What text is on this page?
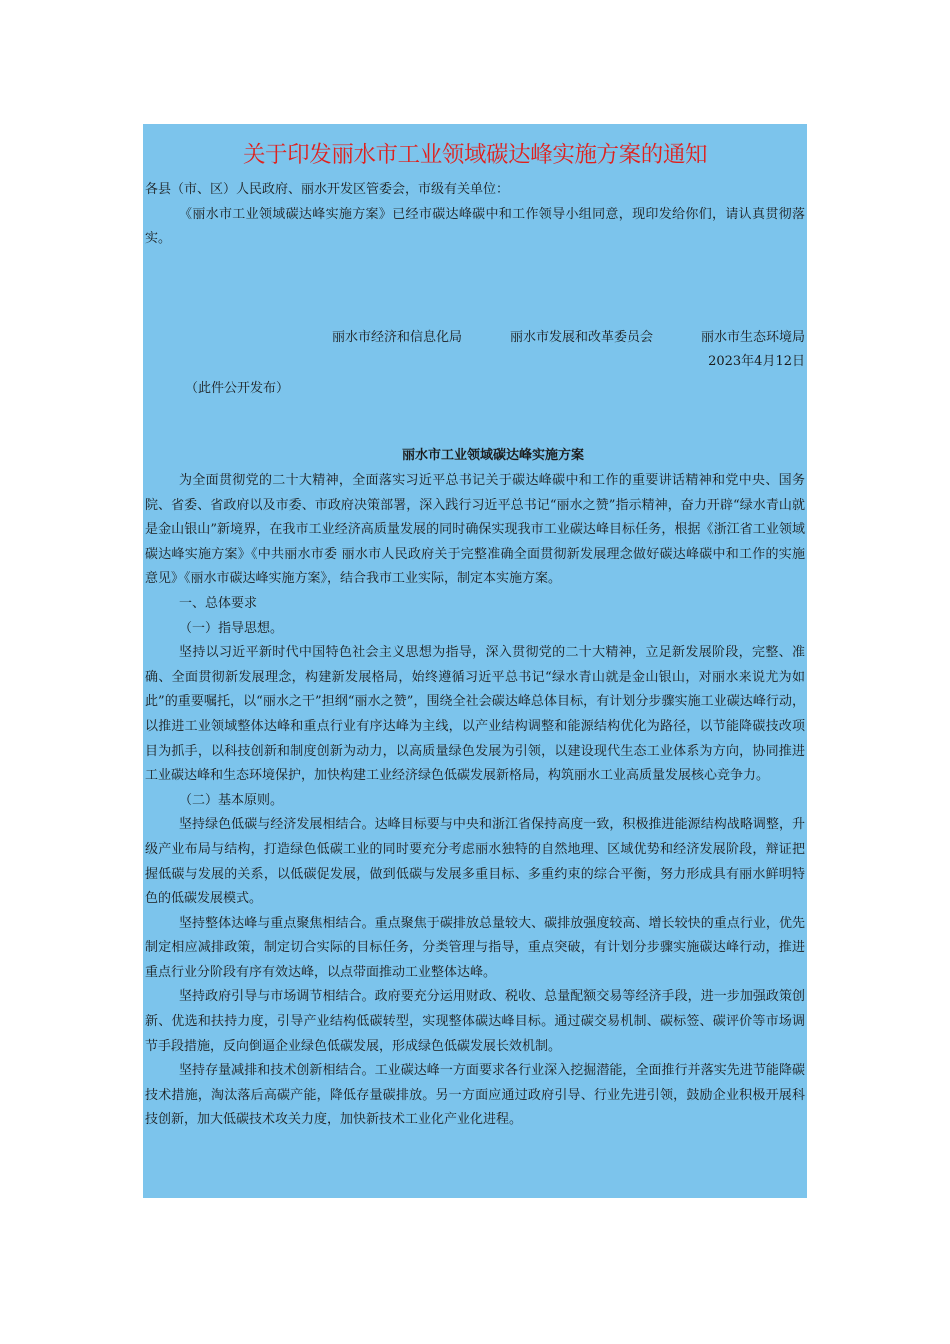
关于印发丽水市工业领域碳达峰实施方案的通知

各县（市、区）人民政府、丽水开发区管委会，市级有关单位：

《丽水市工业领域碳达峰实施方案》已经市碳达峰碳中和工作领导小组同意，现印发给你们，请认真贯彻落实。

丽水市经济和信息化局	丽水市发展和改革委员会	丽水市生态环境局
2023年4月12日
（此件公开发布）
丽水市工业领域碳达峰实施方案

为全面贯彻党的二十大精神，全面落实习近平总书记关于碳达峰碳中和工作的重要讲话精神和党中央、国务院、省委、省政府以及市委、市政府决策部署，深入践行习近平总书记“丽水之赞”指示精神，奋力开辟“绿水青山就是金山银山”新境界，在我市工业经济高质量发展的同时确保实现我市工业碳达峰目标任务，根据《浙江省工业领域碳达峰实施方案》《中共丽水市委 丽水市人民政府关于完整准确全面贯彻新发展理念做好碳达峰碳中和工作的实施意见》《丽水市碳达峰实施方案》，结合我市工业实际，制定本实施方案。

一、总体要求

（一）指导思想。

坚持以习近平新时代中国特色社会主义思想为指导，深入贯彻党的二十大精神，立足新发展阶段，完整、准确、全面贯彻新发展理念，构建新发展格局，始终遵循习近平总书记“绿水青山就是金山银山，对丽水来说尤为如此”的重要嘱托，以“丽水之干”担纲“丽水之赞”，围绕全社会碳达峰总体目标，有计划分步骤实施工业碳达峰行动，以推进工业领域整体达峰和重点行业有序达峰为主线，以产业结构调整和能源结构优化为路径，以节能降碳技改项目为抓手，以科技创新和制度创新为动力，以高质量绿色发展为引领，以建设现代生态工业体系为方向，协同推进工业碳达峰和生态环境保护，加快构建工业经济绿色低碳发展新格局，构筑丽水工业高质量发展核心竞争力。

（二）基本原则。

坚持绿色低碳与经济发展相结合。达峰目标要与中央和浙江省保持高度一致，积极推进能源结构战略调整，升级产业布局与结构，打造绿色低碳工业的同时要充分考虑丽水独特的自然地理、区域优势和经济发展阶段，辩证把握低碳与发展的关系，以低碳促发展，做到低碳与发展多重目标、多重约束的综合平衡，努力形成具有丽水鲜明特色的低碳发展模式。

坚持整体达峰与重点聚焦相结合。重点聚焦于碳排放总量较大、碳排放强度较高、增长较快的重点行业，优先制定相应减排政策，制定切合实际的目标任务，分类管理与指导，重点突破，有计划分步骤实施碳达峰行动，推进重点行业分阶段有序有效达峰，以点带面推动工业整体达峰。

坚持政府引导与市场调节相结合。政府要充分运用财政、税收、总量配额交易等经济手段，进一步加强政策创新、优选和扶持力度，引导产业结构低碳转型，实现整体碳达峰目标。通过碳交易机制、碳标签、碳评价等市场调节手段措施，反向倒逼企业绿色低碳发展，形成绿色低碳发展长效机制。

坚持存量减排和技术创新相结合。工业碳达峰一方面要求各行业深入挖掘潜能，全面推行并落实先进节能降碳技术措施，淘汰落后高碳产能，降低存量碳排放。另一方面应通过政府引导、行业先进引领，鼓励企业积极开展科技创新，加大低碳技术攻关力度，加快新技术工业化产业化进程。
